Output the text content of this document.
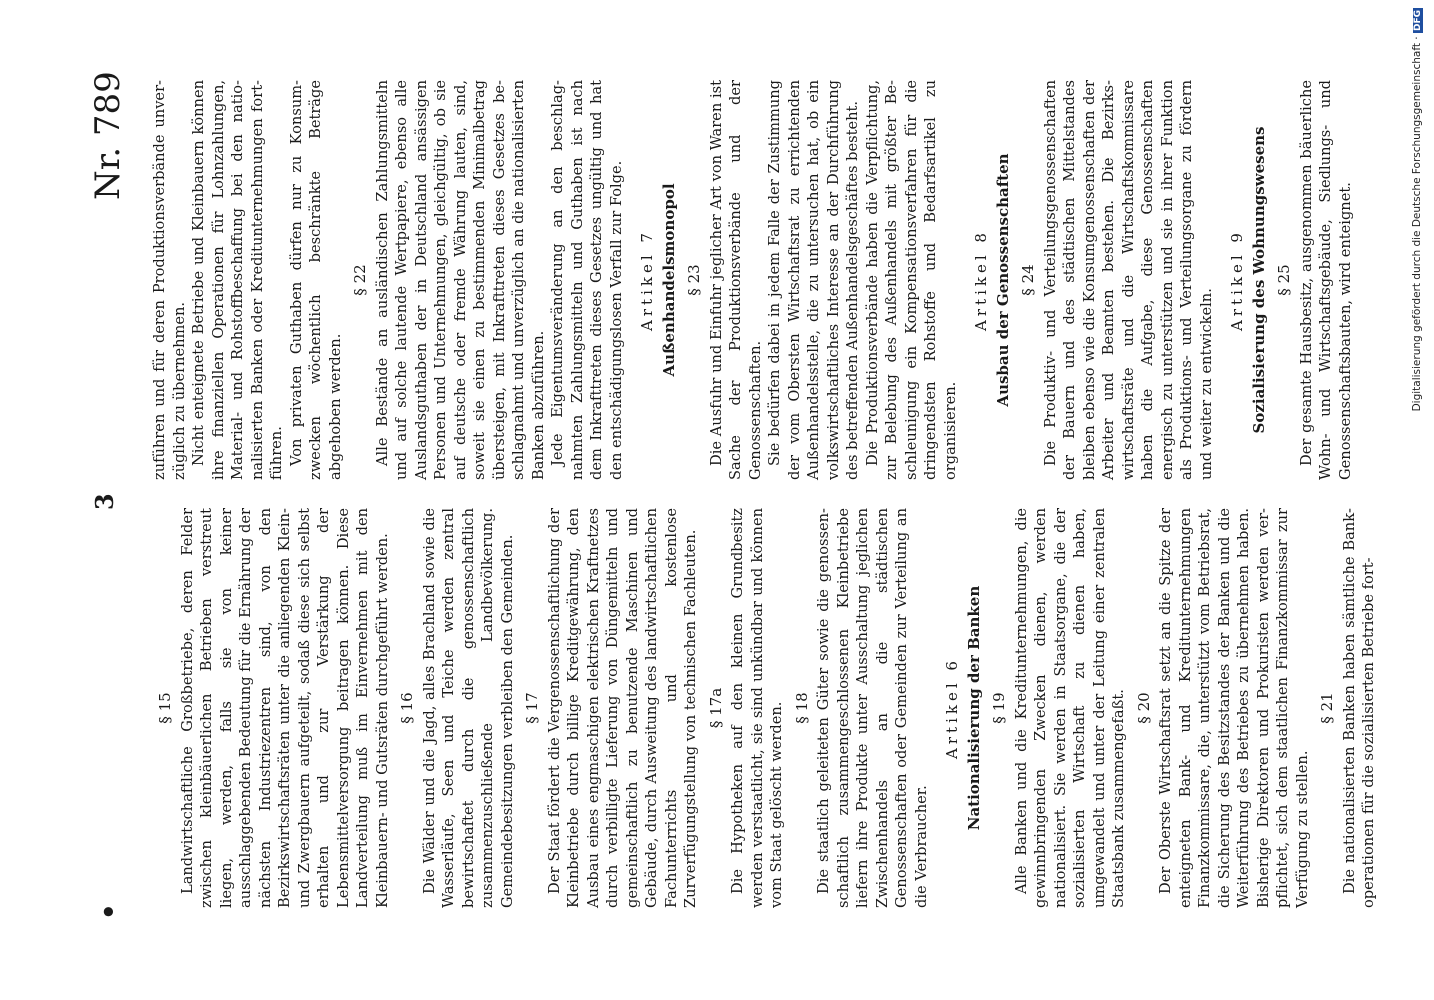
•
3
Nr. 789
§ 15 Landwirtschaftliche Großbetriebe, deren Felder zwischen kleinbäuerlichen Betrieben verstreut liegen, werden, falls sie von keiner ausschlaggebenden Bedeutung für die Ernährung der nächsten Industriezentren sind, von den Bezirkswirtschaftsräten unter die anliegenden Klein- und Zwergbauern aufgeteilt, sodaß diese sich selbst erhalten und zur Verstärkung der Lebensmittelversorgung beitragen können. Diese Landverteilung muß im Einvernehmen mit den Kleinbauern- und Gutsräten durchgeführt werden. § 16 Die Wälder und die Jagd, alles Brachland sowie die Wasserläufe, Seen und Teiche werden zentral bewirtschaftet durch die genossenschaftlich zusammenzuschließende Landbevölkerung. Gemeindebesitzungen verbleiben den Gemeinden. § 17 Der Staat fördert die Vergenossenschaftlichung der Kleinbetriebe durch billige Kreditgewährung, den Ausbau eines engmaschigen elektrischen Kraftnetzes durch verbilligte Lieferung von Düngemitteln und gemeinschaftlich zu benutzende Maschinen und Gebäude, durch Ausweitung des landwirtschaftlichen Fachunterrichts und kostenlose Zurverfügungstellung von technischen Fachleuten. § 17a Die Hypotheken auf den kleinen Grundbesitz werden verstaatlicht, sie sind unkündbar und können vom Staat gelöscht werden. § 18 Die staatlich geleiteten Güter sowie die genossenschaftlich zusammengeschlossenen Kleinbetriebe liefern ihre Produkte unter Ausschaltung jeglichen Zwischenhandels an die städtischen Genossenschaften oder Gemeinden zur Verteilung an die Verbraucher.

Artikel 6 Nationalisierung der Banken § 19 Alle Banken und die Kreditunternehmungen, die gewinnbringenden Zwecken dienen, werden nationalisiert. Sie werden in Staatsorgane, die der sozialisierten Wirtschaft zu dienen haben, umgewandelt und unter der Leitung einer zentralen Staatsbank zusammengefaßt. § 20 Der Oberste Wirtschaftsrat setzt an die Spitze der enteigneten Bank- und Kreditunternehmungen Finanzkommissare, die, unterstützt vom Betriebsrat, die Sicherung des Besitzstandes der Banken und die Weiterführung des Betriebes zu übernehmen haben. Bisherige Direktoren und Prokuristen werden verpflichtet, sich dem staatlichen Finanzkommissar zur Verfügung zu stellen.

§ 21 Die nationalisierten Banken haben sämtliche Bankoperationen für die sozialisierten Betriebe fort-

zuführen und für deren Produktionsverbände unverzüglich zu übernehmen. Nicht enteignete Betriebe und Kleinbauern können ihre finanziellen Operationen für Lohnzahlungen, Material- und Rohstoffbeschaffung bei den nationalisierten Banken oder Kreditunternehmungen fortführen. Von privaten Guthaben dürfen nur zu Konsumzwecken wöchentlich beschränkte Beträge abgehoben werden.

§ 22 Alle Bestände an ausländischen Zahlungsmitteln und auf solche lautende Wertpapiere, ebenso alle Auslandsguthaben der in Deutschland ansässigen Personen und Unternehmungen, gleichgültig, ob sie auf deutsche oder fremde Währung lauten, sind, soweit sie einen zu bestimmenden Minimalbetrag übersteigen, mit Inkrafttreten dieses Gesetzes beschlagnahmt und unverzüglich an die nationalisierten Banken abzuführen. Jede Eigentumsveränderung an den beschlagnahmten Zahlungsmitteln und Guthaben ist nach dem Inkrafttreten dieses Gesetzes ungültig und hat den entschädigungslosen Verfall zur Folge. Artikel 7 Außenhandelsmonopol § 23 Die Ausfuhr und Einfuhr jeglicher Art von Waren ist Sache der Produktionsverbände und der Genossenschaften. Sie bedürfen dabei in jedem Falle der Zustimmung der vom Obersten Wirtschaftsrat zu errichtenden Außenhandelsstelle, die zu untersuchen hat, ob ein volkswirtschaftliches Interesse an der Durchführung des betreffenden Außenhandelsgeschäftes besteht. Die Produktionsverbände haben die Verpflichtung, zur Belebung des Außenhandels mit größter Beschleunigung ein Kompensationsverfahren für die dringendsten Rohstoffe und Bedarfsartikel zu organisieren.

Artikel 8 Ausbau der Genossenschaften § 24 Die Produktiv- und Verteilungsgenossenschaften der Bauern und des städtischen Mittelstandes bleiben ebenso wie die Konsumgenossenschaften der Arbeiter und Beamten bestehen. Die Bezirkswirtschaftsräte und die Wirtschaftskommissare haben die Aufgabe, diese Genossenschaften energisch zu unterstützen und sie in ihrer Funktion als Produktions- und Verteilungsorgane zu fördern und weiter zu entwickeln.

Artikel 9 Sozialisierung des Wohnungswesens § 25 Der gesamte Hausbesitz, ausgenommen bäuerliche Wohn- und Wirtschaftsgebäude, Siedlungs- und Genossenschaftsbauten, wird enteignet.	Digitalisierung gefördert durch die Deutsche Forschungsgemeinschaft · DFG
